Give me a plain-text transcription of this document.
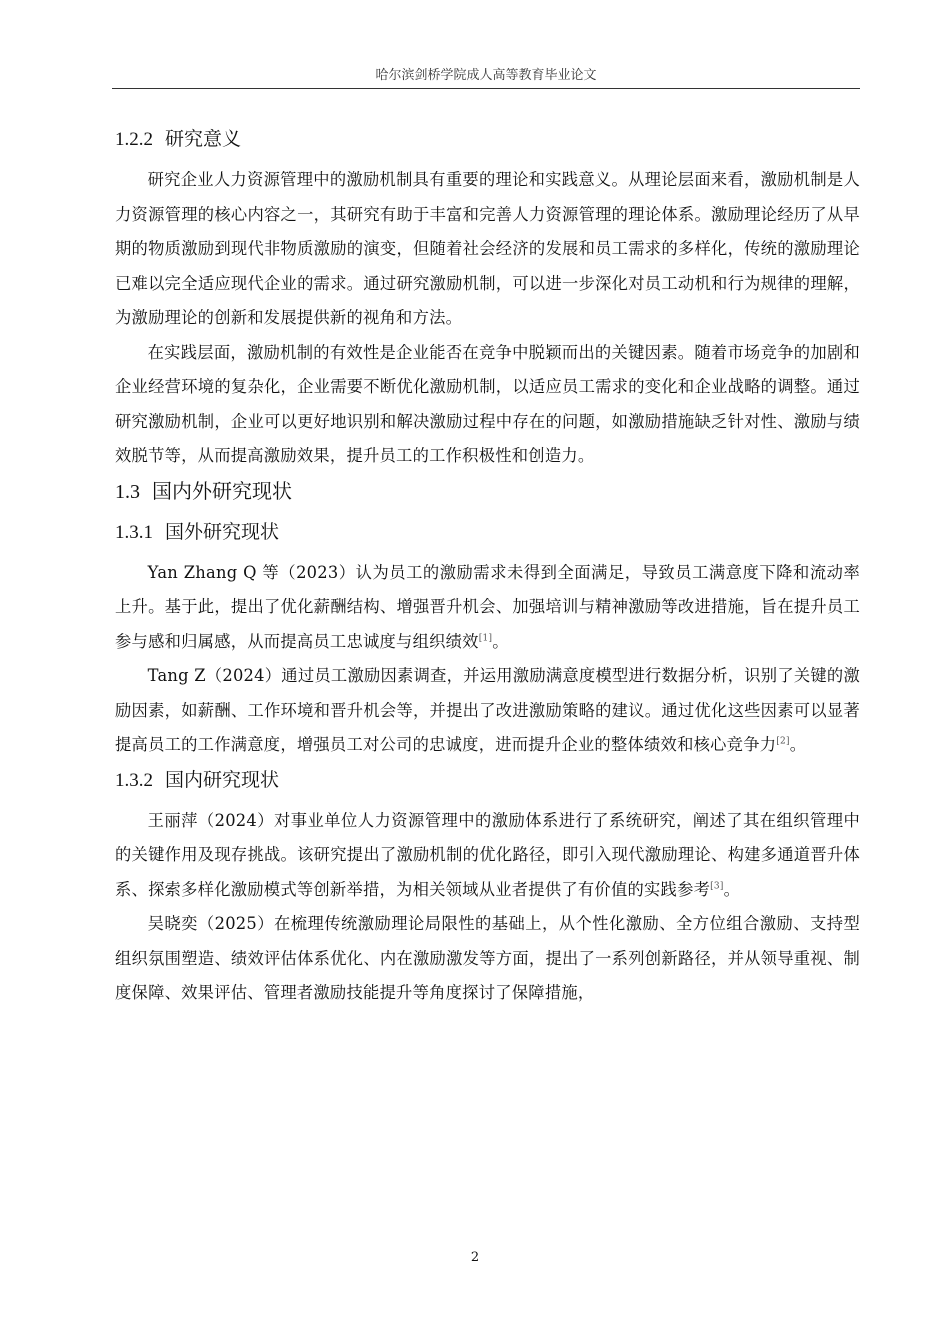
哈尔滨剑桥学院成人高等教育毕业论文
1.2.2 研究意义

研究企业人力资源管理中的激励机制具有重要的理论和实践意义。从理论层面来看，激励机制是人力资源管理的核心内容之一，其研究有助于丰富和完善人力资源管理的理论体系。激励理论经历了从早期的物质激励到现代非物质激励的演变，但随着社会经济的发展和员工需求的多样化，传统的激励理论已难以完全适应现代企业的需求。通过研究激励机制，可以进一步深化对员工动机和行为规律的理解，为激励理论的创新和发展提供新的视角和方法。

在实践层面，激励机制的有效性是企业能否在竞争中脱颖而出的关键因素。随着市场竞争的加剧和企业经营环境的复杂化，企业需要不断优化激励机制，以适应员工需求的变化和企业战略的调整。通过研究激励机制，企业可以更好地识别和解决激励过程中存在的问题，如激励措施缺乏针对性、激励与绩效脱节等，从而提高激励效果，提升员工的工作积极性和创造力。

1.3 国内外研究现状
1.3.1 国外研究现状

Yan Zhang Q 等（2023）认为员工的激励需求未得到全面满足，导致员工满意度下降和流动率上升。基于此，提出了优化薪酬结构、增强晋升机会、加强培训与精神激励等改进措施，旨在提升员工参与感和归属感，从而提高员工忠诚度与组织绩效[1]。

Tang Z（2024）通过员工激励因素调查，并运用激励满意度模型进行数据分析，识别了关键的激励因素，如薪酬、工作环境和晋升机会等，并提出了改进激励策略的建议。通过优化这些因素可以显著提高员工的工作满意度，增强员工对公司的忠诚度，进而提升企业的整体绩效和核心竞争力[2]。

1.3.2 国内研究现状

王丽萍（2024）对事业单位人力资源管理中的激励体系进行了系统研究，阐述了其在组织管理中的关键作用及现存挑战。该研究提出了激励机制的优化路径，即引入现代激励理论、构建多通道晋升体系、探索多样化激励模式等创新举措，为相关领域从业者提供了有价值的实践参考[3]。

吴晓奕（2025）在梳理传统激励理论局限性的基础上，从个性化激励、全方位组合激励、支持型组织氛围塑造、绩效评估体系优化、内在激励激发等方面，提出了一系列创新路径，并从领导重视、制度保障、效果评估、管理者激励技能提升等角度探讨了保障措施，

2
